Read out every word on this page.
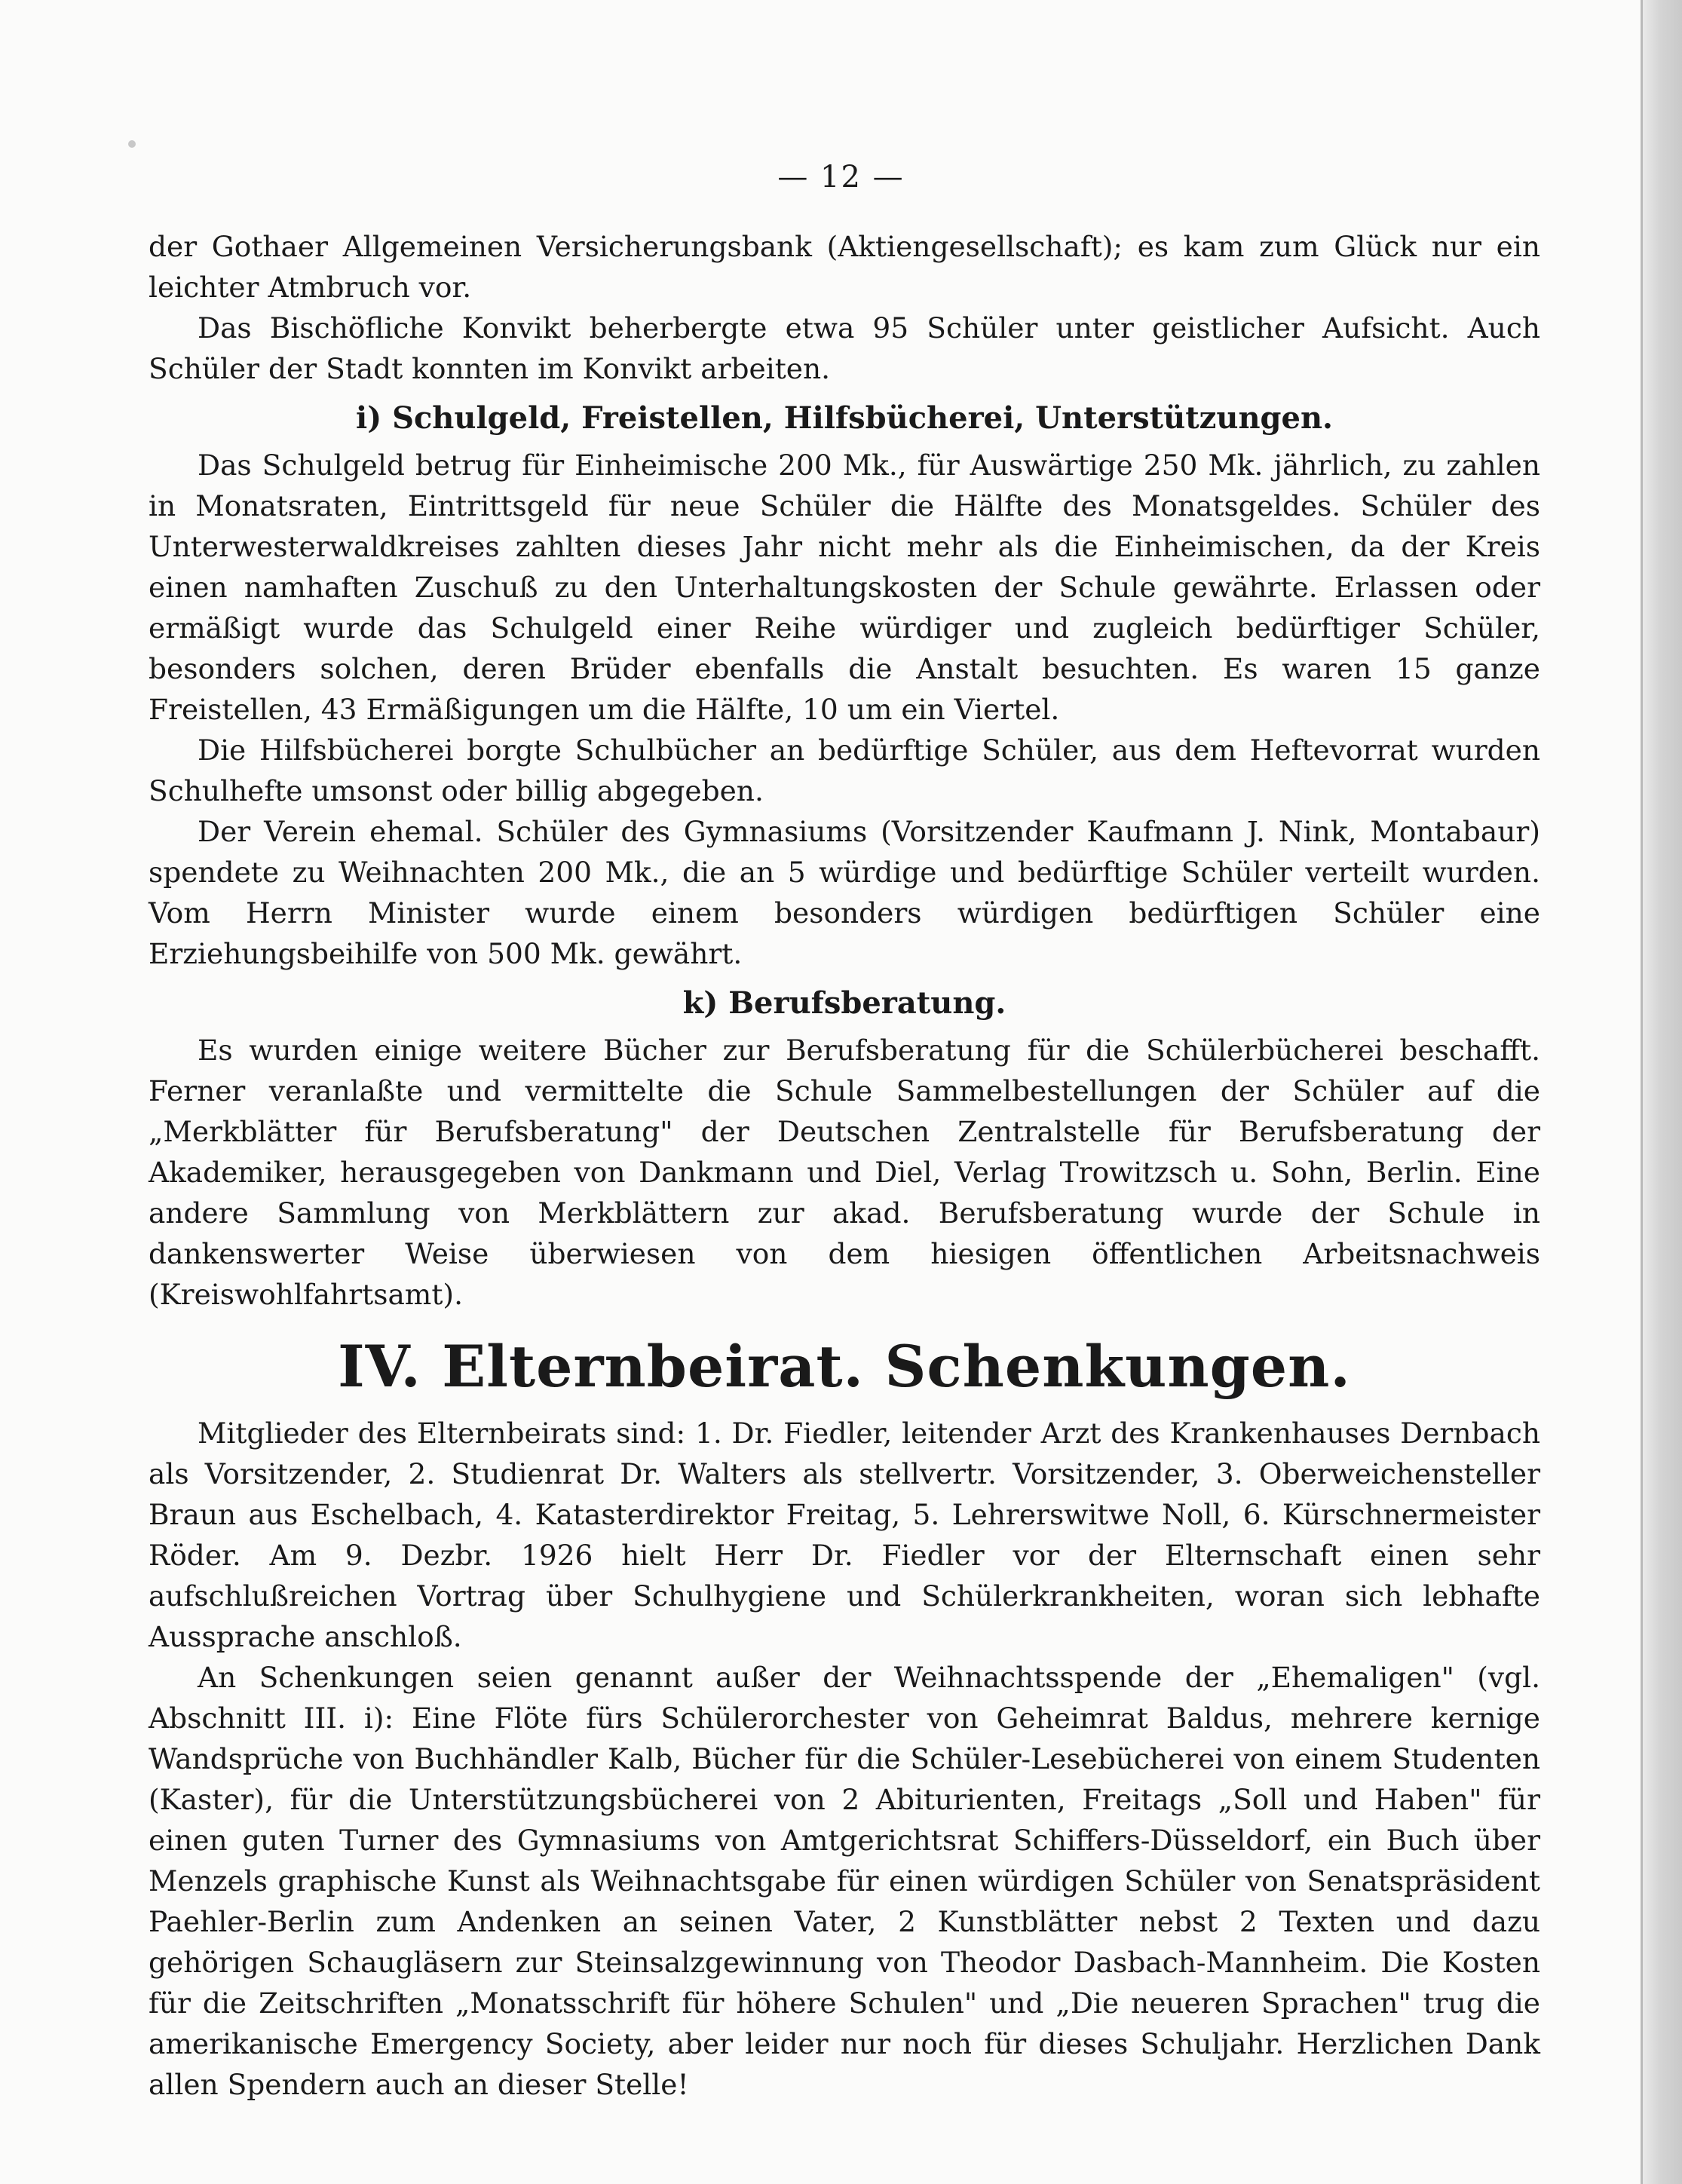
— 12 —

der Gothaer Allgemeinen Versicherungsbank (Aktiengesellschaft); es kam zum Glück nur ein leichter Atmbruch vor.

Das Bischöfliche Konvikt beherbergte etwa 95 Schüler unter geistlicher Aufsicht. Auch Schüler der Stadt konnten im Konvikt arbeiten.

i) Schulgeld, Freistellen, Hilfsbücherei, Unterstützungen.

Das Schulgeld betrug für Einheimische 200 Mk., für Auswärtige 250 Mk. jährlich, zu zahlen in Monatsraten, Eintrittsgeld für neue Schüler die Hälfte des Monatsgeldes. Schüler des Unterwesterwaldkreises zahlten dieses Jahr nicht mehr als die Einheimischen, da der Kreis einen namhaften Zuschuß zu den Unterhaltungskosten der Schule gewährte. Erlassen oder ermäßigt wurde das Schulgeld einer Reihe würdiger und zugleich bedürftiger Schüler, besonders solchen, deren Brüder ebenfalls die Anstalt besuchten. Es waren 15 ganze Freistellen, 43 Ermäßigungen um die Hälfte, 10 um ein Viertel.

Die Hilfsbücherei borgte Schulbücher an bedürftige Schüler, aus dem Heftevorrat wurden Schulhefte umsonst oder billig abgegeben.

Der Verein ehemal. Schüler des Gymnasiums (Vorsitzender Kaufmann J. Nink, Montabaur) spendete zu Weihnachten 200 Mk., die an 5 würdige und bedürftige Schüler verteilt wurden. Vom Herrn Minister wurde einem besonders würdigen bedürftigen Schüler eine Erziehungsbeihilfe von 500 Mk. gewährt.

k) Berufsberatung.

Es wurden einige weitere Bücher zur Berufsberatung für die Schülerbücherei beschafft. Ferner veranlaßte und vermittelte die Schule Sammelbestellungen der Schüler auf die „Merkblätter für Berufsberatung" der Deutschen Zentralstelle für Berufsberatung der Akademiker, herausgegeben von Dankmann und Diel, Verlag Trowitzsch u. Sohn, Berlin. Eine andere Sammlung von Merkblättern zur akad. Berufsberatung wurde der Schule in dankenswerter Weise überwiesen von dem hiesigen öffentlichen Arbeitsnachweis (Kreiswohlfahrtsamt).

IV. Elternbeirat. Schenkungen.

Mitglieder des Elternbeirats sind: 1. Dr. Fiedler, leitender Arzt des Krankenhauses Dernbach als Vorsitzender, 2. Studienrat Dr. Walters als stellvertr. Vorsitzender, 3. Oberweichensteller Braun aus Eschelbach, 4. Katasterdirektor Freitag, 5. Lehrerswitwe Noll, 6. Kürschnermeister Röder. Am 9. Dezbr. 1926 hielt Herr Dr. Fiedler vor der Elternschaft einen sehr aufschlußreichen Vortrag über Schulhygiene und Schülerkrankheiten, woran sich lebhafte Aussprache anschloß.

An Schenkungen seien genannt außer der Weihnachtsspende der „Ehemaligen" (vgl. Abschnitt III. i): Eine Flöte fürs Schülerorchester von Geheimrat Baldus, mehrere kernige Wandsprüche von Buchhändler Kalb, Bücher für die Schüler-Lesebücherei von einem Studenten (Kaster), für die Unterstützungsbücherei von 2 Abiturienten, Freitags „Soll und Haben" für einen guten Turner des Gymnasiums von Amtgerichtsrat Schiffers-Düsseldorf, ein Buch über Menzels graphische Kunst als Weihnachtsgabe für einen würdigen Schüler von Senatspräsident Paehler-Berlin zum Andenken an seinen Vater, 2 Kunstblätter nebst 2 Texten und dazu gehörigen Schaugläsern zur Steinsalzgewinnung von Theodor Dasbach-Mannheim. Die Kosten für die Zeitschriften „Monatsschrift für höhere Schulen" und „Die neueren Sprachen" trug die amerikanische Emergency Society, aber leider nur noch für dieses Schuljahr. Herzlichen Dank allen Spendern auch an dieser Stelle!
